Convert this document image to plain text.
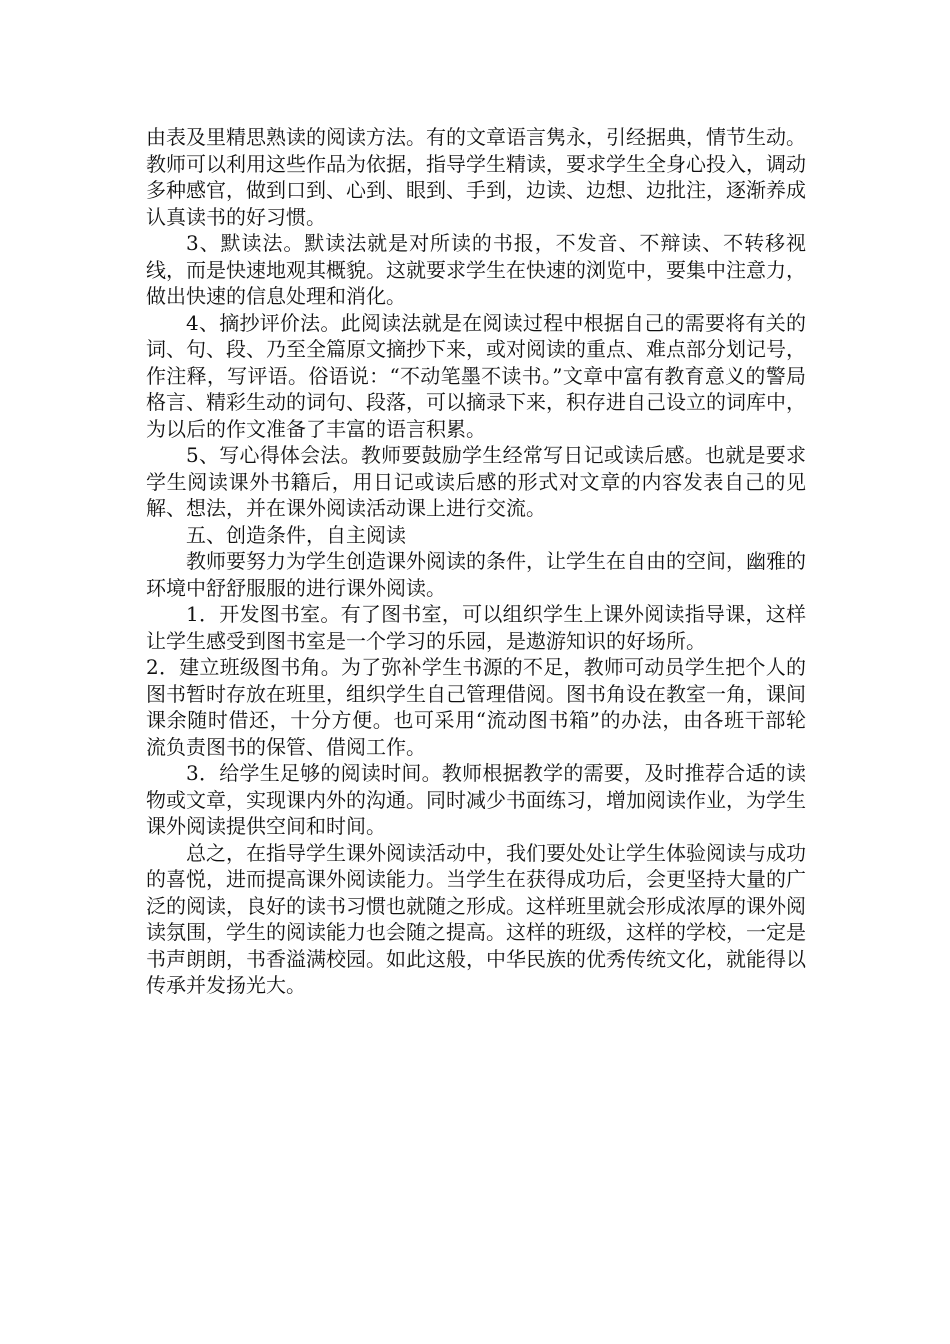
由表及里精思熟读的阅读方法。有的文章语言隽永，引经据典，情节生动。教师可以利用这些作品为依据，指导学生精读，要求学生全身心投入，调动多种感官，做到口到、心到、眼到、手到，边读、边想、边批注，逐渐养成认真读书的好习惯。

3、默读法。默读法就是对所读的书报，不发音、不辩读、不转移视线，而是快速地观其概貌。这就要求学生在快速的浏览中，要集中注意力，做出快速的信息处理和消化。

4、摘抄评价法。此阅读法就是在阅读过程中根据自己的需要将有关的词、句、段、乃至全篇原文摘抄下来，或对阅读的重点、难点部分划记号，作注释，写评语。俗语说：“不动笔墨不读书。”文章中富有教育意义的警局格言、精彩生动的词句、段落，可以摘录下来，积存进自己设立的词库中，为以后的作文准备了丰富的语言积累。

5、写心得体会法。教师要鼓励学生经常写日记或读后感。也就是要求学生阅读课外书籍后，用日记或读后感的形式对文章的内容发表自己的见解、想法，并在课外阅读活动课上进行交流。

五、创造条件，自主阅读

教师要努力为学生创造课外阅读的条件，让学生在自由的空间，幽雅的环境中舒舒服服的进行课外阅读。

1．开发图书室。有了图书室，可以组织学生上课外阅读指导课，这样让学生感受到图书室是一个学习的乐园，是遨游知识的好场所。

2．建立班级图书角。为了弥补学生书源的不足，教师可动员学生把个人的图书暂时存放在班里，组织学生自己管理借阅。图书角设在教室一角，课间课余随时借还，十分方便。也可采用“流动图书箱”的办法，由各班干部轮流负责图书的保管、借阅工作。

3．给学生足够的阅读时间。教师根据教学的需要，及时推荐合适的读物或文章，实现课内外的沟通。同时减少书面练习，增加阅读作业，为学生课外阅读提供空间和时间。

总之，在指导学生课外阅读活动中，我们要处处让学生体验阅读与成功的喜悦，进而提高课外阅读能力。当学生在获得成功后，会更坚持大量的广泛的阅读，良好的读书习惯也就随之形成。这样班里就会形成浓厚的课外阅读氛围，学生的阅读能力也会随之提高。这样的班级，这样的学校，一定是书声朗朗，书香溢满校园。如此这般，中华民族的优秀传统文化，就能得以传承并发扬光大。
